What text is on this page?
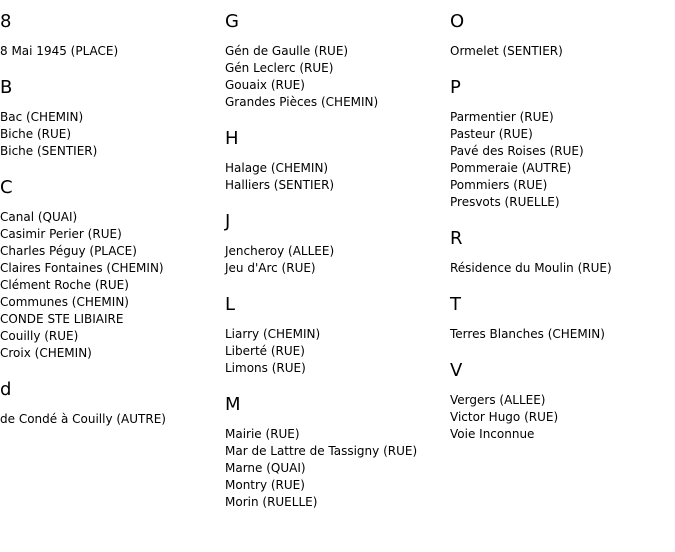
8
8 Mai 1945 (PLACE)
B
Bac (CHEMIN)
Biche (RUE)
Biche (SENTIER)
C
Canal (QUAI)
Casimir Perier (RUE)
Charles Péguy (PLACE)
Claires Fontaines (CHEMIN)
Clément Roche (RUE)
Communes (CHEMIN)
CONDE STE LIBIAIRE
Couilly (RUE)
Croix (CHEMIN)
d
de Condé à Couilly (AUTRE)
G
Gén de Gaulle (RUE)
Gén Leclerc (RUE)
Gouaix (RUE)
Grandes Pièces (CHEMIN)
H
Halage (CHEMIN)
Halliers (SENTIER)
J
Jencheroy (ALLEE)
Jeu d'Arc (RUE)
L
Liarry (CHEMIN)
Liberté (RUE)
Limons (RUE)
M
Mairie (RUE)
Mar de Lattre de Tassigny (RUE)
Marne (QUAI)
Montry (RUE)
Morin (RUELLE)
O
Ormelet (SENTIER)
P
Parmentier (RUE)
Pasteur (RUE)
Pavé des Roises (RUE)
Pommeraie (AUTRE)
Pommiers (RUE)
Presvots (RUELLE)
R
Résidence du Moulin (RUE)
T
Terres Blanches (CHEMIN)
V
Vergers (ALLEE)
Victor Hugo (RUE)
Voie Inconnue
